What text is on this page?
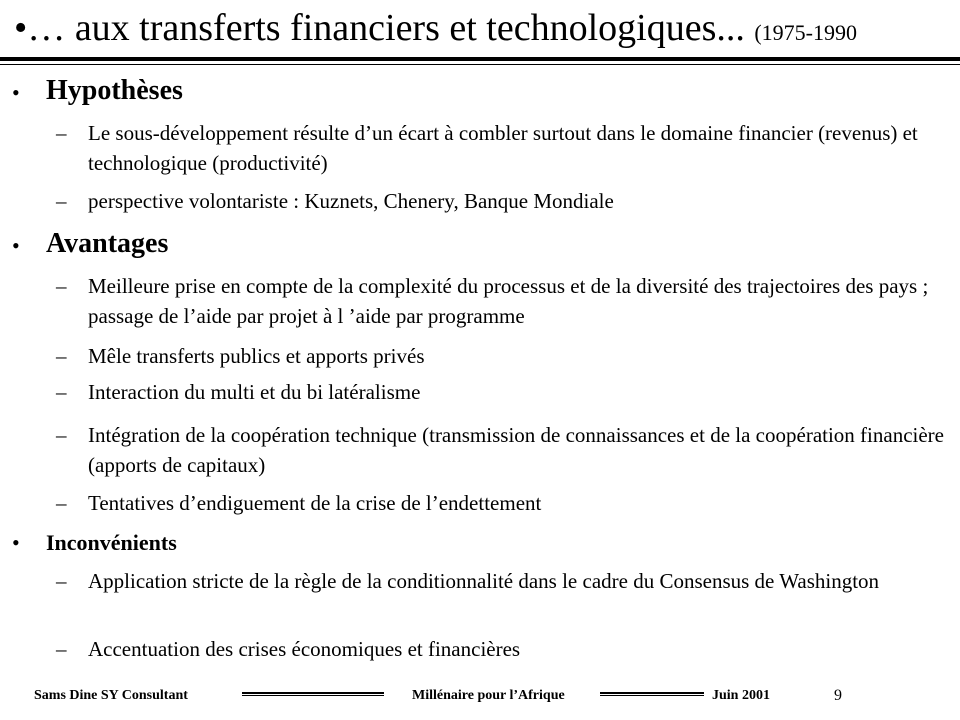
•… aux transferts financiers et technologiques... (1975-1990
• Hypothèses
– Le sous-développement résulte d’un écart à combler surtout dans le domaine financier (revenus) et technologique (productivité)
– perspective volontariste : Kuznets, Chenery, Banque Mondiale
• Avantages
– Meilleure prise en compte de la complexité du processus et de la diversité des trajectoires des pays ; passage de l’aide par projet à l ’aide par programme
– Mêle transferts publics et apports privés
– Interaction du multi et du bi latéralisme
– Intégration de la coopération technique (transmission de connaissances et de la coopération financière (apports de capitaux)
– Tentatives d’endiguement de la crise de l’endettement
• Inconvénients
– Application stricte de la règle de la conditionnalité dans le cadre du Consensus de Washington
– Accentuation des crises économiques et financières
Sams Dine SY Consultant	Millénaire pour l’Afrique	Juin 2001	9
